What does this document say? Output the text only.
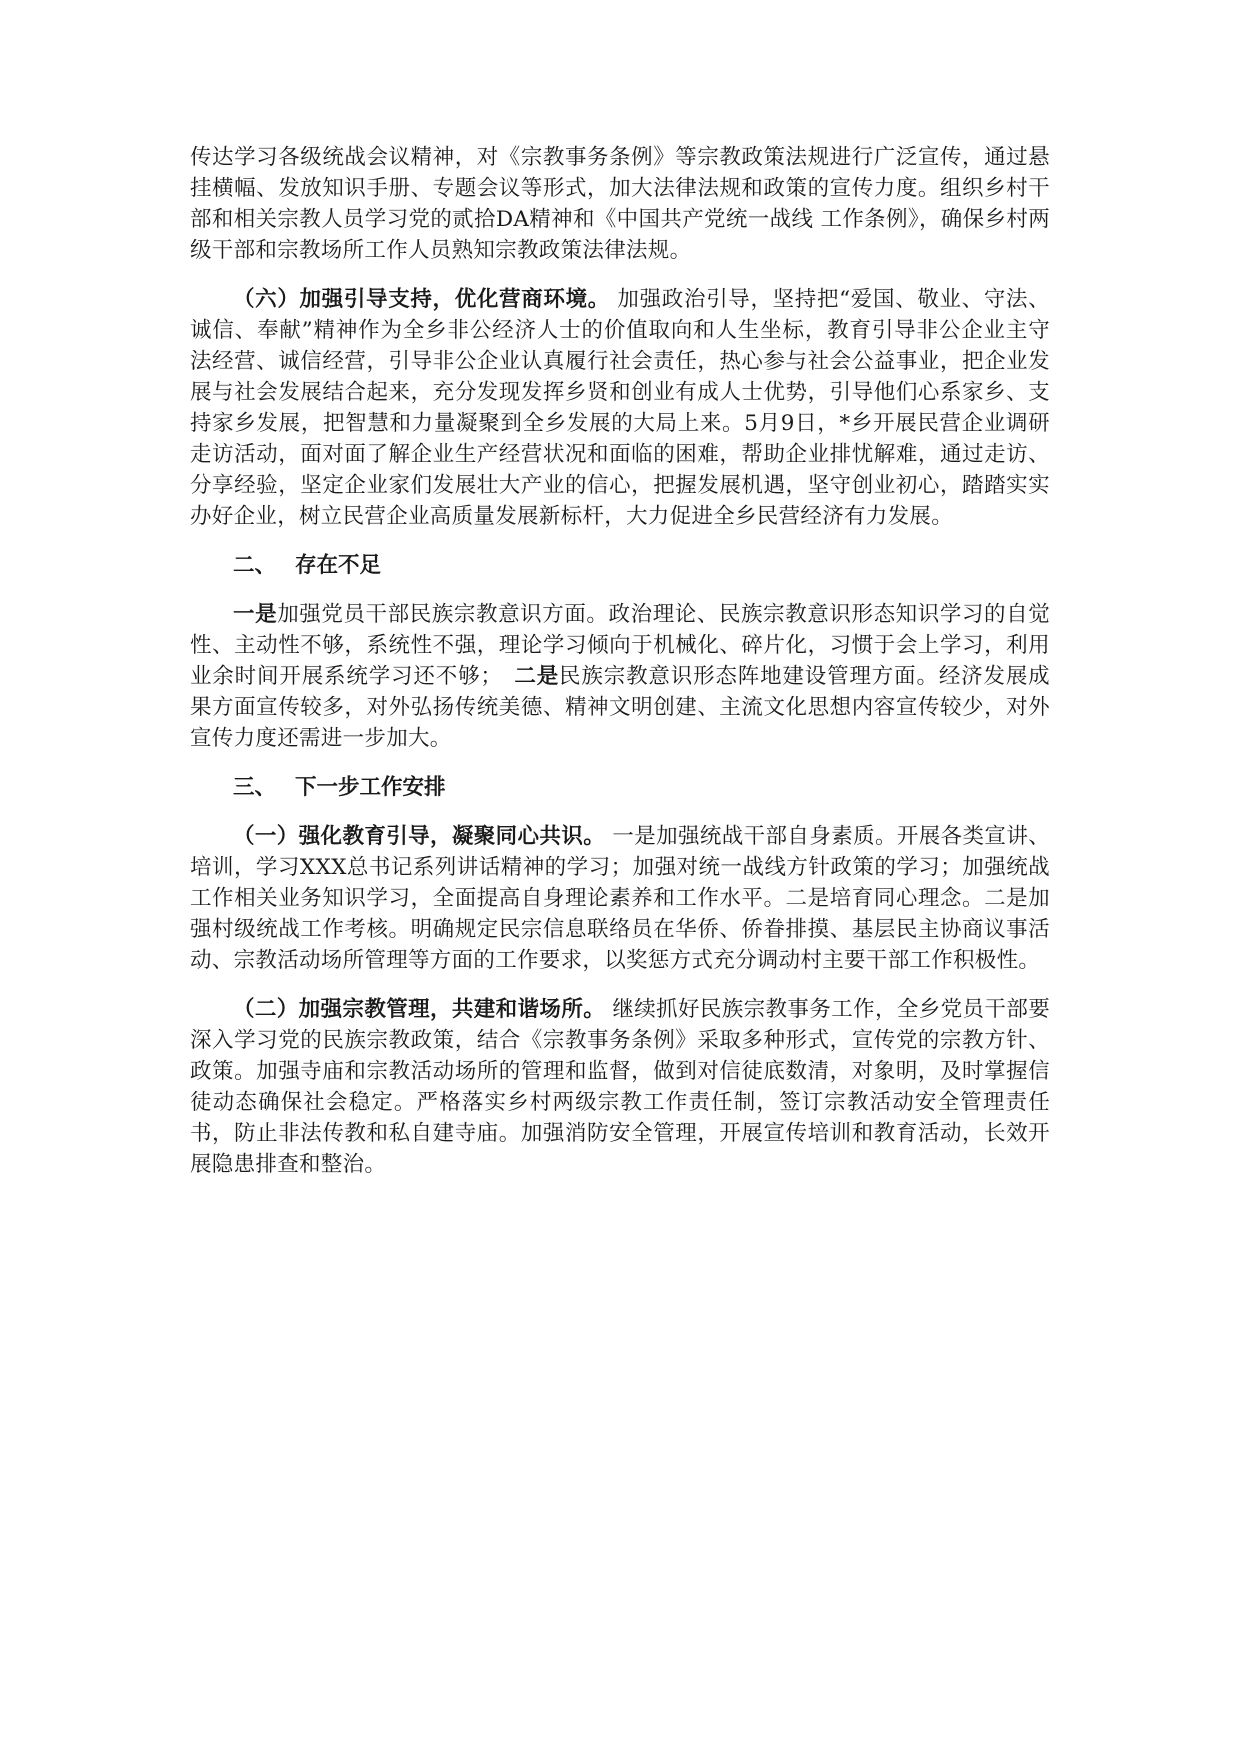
传达学习各级统战会议精神，对《宗教事务条例》等宗教政策法规进行广泛宣传，通过悬挂横幅、发放知识手册、专题会议等形式，加大法律法规和政策的宣传力度。组织乡村干部和相关宗教人员学习党的贰拾DA精神和《中国共产党统一战线 工作条例》，确保乡村两级干部和宗教场所工作人员熟知宗教政策法律法规。

（六）加强引导支持，优化营商环境。 加强政治引导，坚持把“爱国、敬业、守法、诚信、奉献”精神作为全乡非公经济人士的价值取向和人生坐标，教育引导非公企业主守法经营、诚信经营，引导非公企业认真履行社会责任，热心参与社会公益事业，把企业发展与社会发展结合起来，充分发现发挥乡贤和创业有成人士优势，引导他们心系家乡、支持家乡发展，把智慧和力量凝聚到全乡发展的大局上来。5月9日，*乡开展民营企业调研走访活动，面对面了解企业生产经营状况和面临的困难，帮助企业排忧解难，通过走访、分享经验，坚定企业家们发展壮大产业的信心，把握发展机遇，坚守创业初心，踏踏实实办好企业，树立民营企业高质量发展新标杆，大力促进全乡民营经济有力发展。

二、 存在不足

一是加强党员干部民族宗教意识方面。政治理论、民族宗教意识形态知识学习的自觉性、主动性不够，系统性不强，理论学习倾向于机械化、碎片化，习惯于会上学习，利用业余时间开展系统学习还不够；　二是民族宗教意识形态阵地建设管理方面。经济发展成果方面宣传较多，对外弘扬传统美德、精神文明创建、主流文化思想内容宣传较少，对外宣传力度还需进一步加大。

三、 下一步工作安排

（一）强化教育引导，凝聚同心共识。 一是加强统战干部自身素质。开展各类宣讲、培训，学习XXX总书记系列讲话精神的学习；加强对统一战线方针政策的学习；加强统战工作相关业务知识学习，全面提高自身理论素养和工作水平。二是培育同心理念。二是加强村级统战工作考核。明确规定民宗信息联络员在华侨、侨眷排摸、基层民主协商议事活动、宗教活动场所管理等方面的工作要求，以奖惩方式充分调动村主要干部工作积极性。

（二）加强宗教管理，共建和谐场所。 继续抓好民族宗教事务工作，全乡党员干部要深入学习党的民族宗教政策，结合《宗教事务条例》采取多种形式，宣传党的宗教方针、政策。加强寺庙和宗教活动场所的管理和监督，做到对信徒底数清，对象明，及时掌握信徒动态确保社会稳定。严格落实乡村两级宗教工作责任制，签订宗教活动安全管理责任书，防止非法传教和私自建寺庙。加强消防安全管理，开展宣传培训和教育活动，长效开展隐患排查和整治。
